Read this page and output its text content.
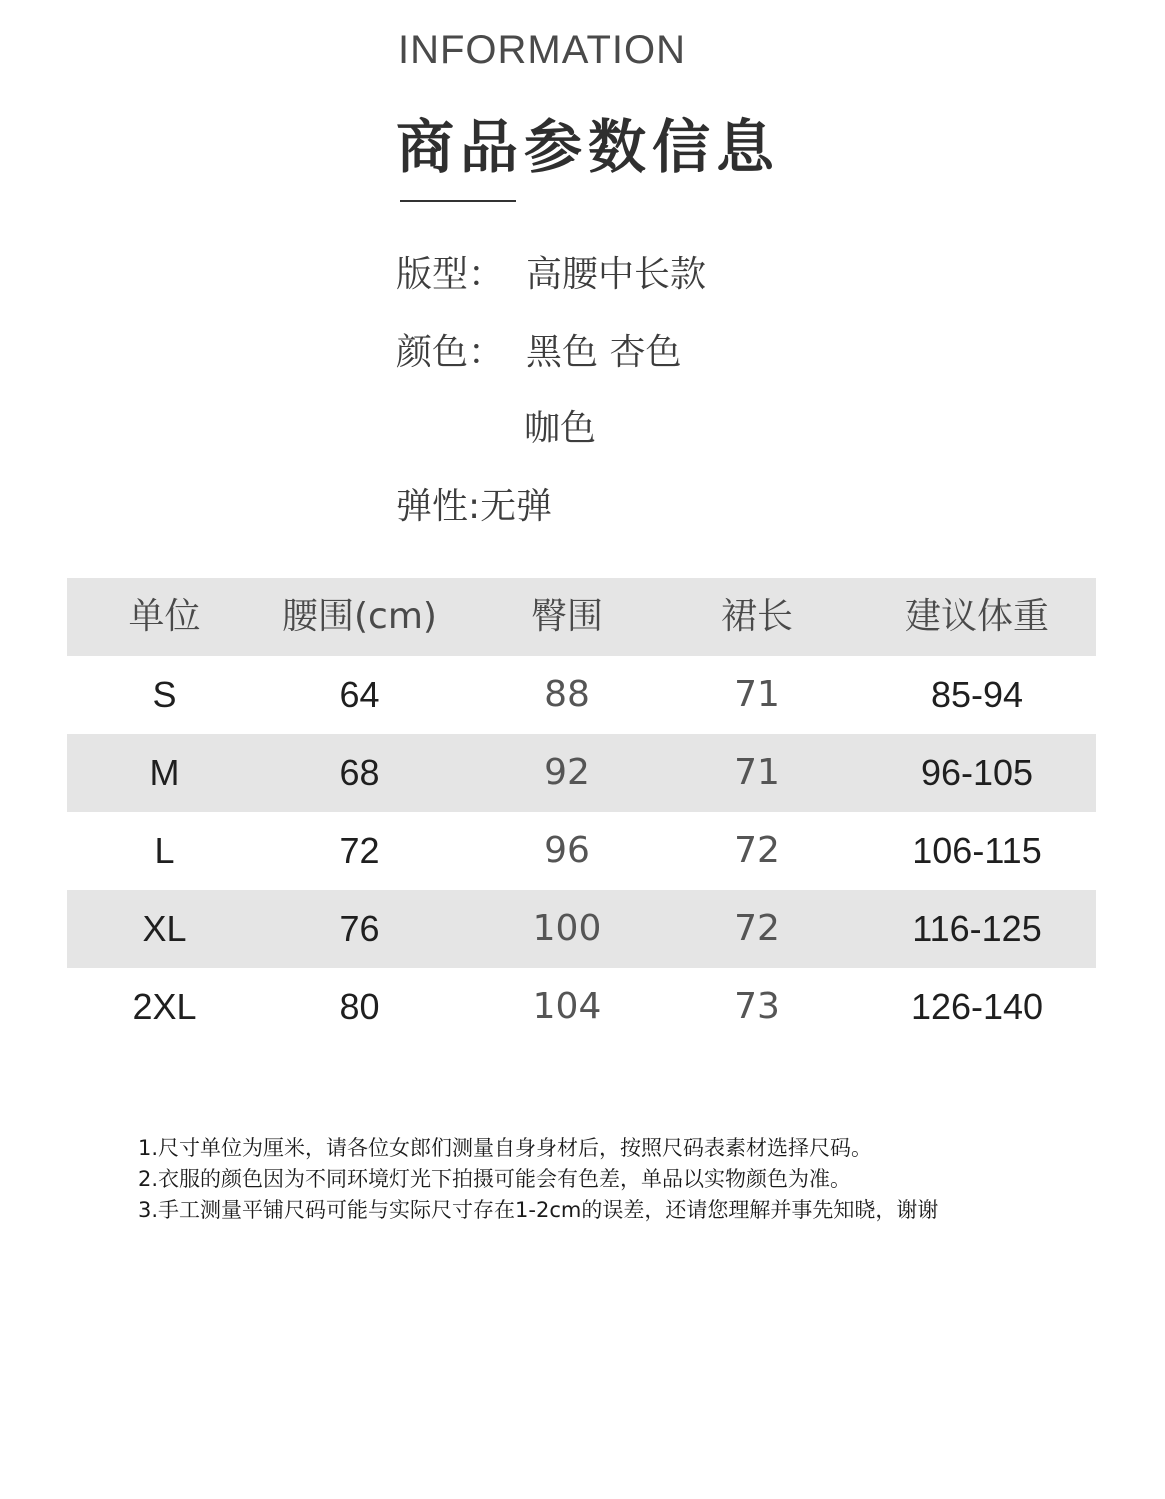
INFORMATION
商品参数信息
版型： 高腰中长款
颜色： 黑色 杏色
咖色
弹性:无弹
单位	腰围(cm)	臀围	裙长	建议体重
S	64	88	71	85-94
M	68	92	71	96-105
L	72	96	72	106-115
XL	76	100	72	116-125
2XL	80	104	73	126-140
1.尺寸单位为厘米，请各位女郎们测量自身身材后，按照尺码表素材选择尺码。
2.衣服的颜色因为不同环境灯光下拍摄可能会有色差，单品以实物颜色为准。
3.手工测量平铺尺码可能与实际尺寸存在1-2cm的误差，还请您理解并事先知晓，谢谢
